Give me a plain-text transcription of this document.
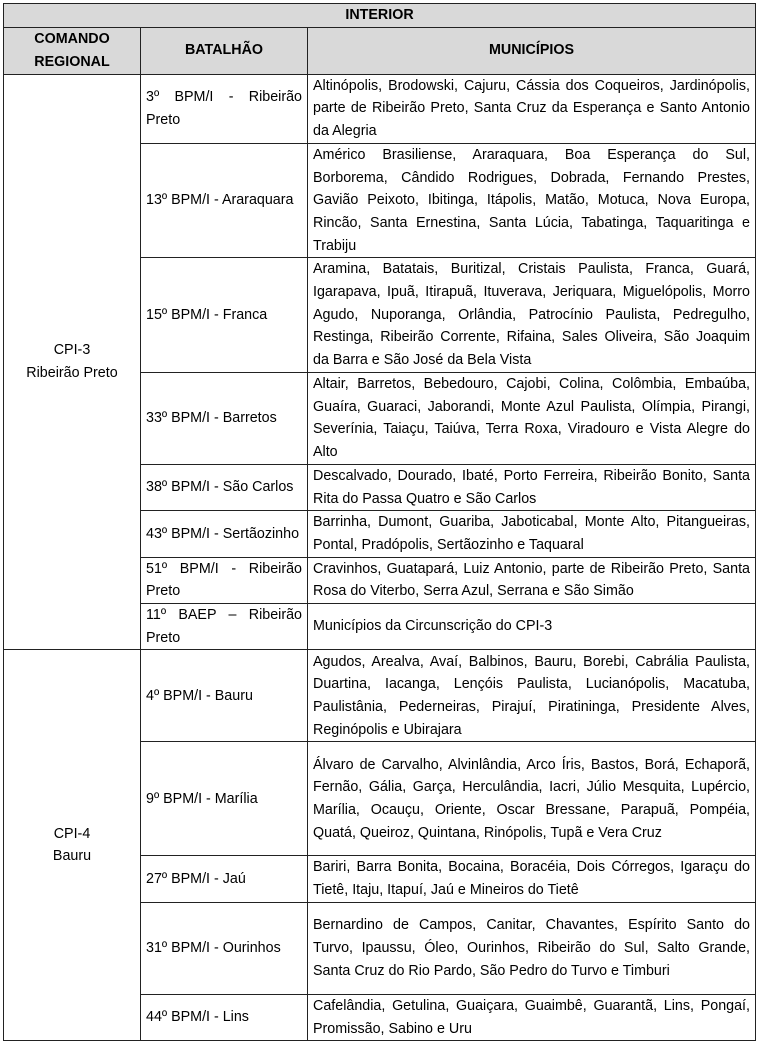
INTERIOR		
COMANDO REGIONAL	BATALHÃO	MUNICÍPIOS

CPI-3
Ribeirão Preto	3º BPM/I - Ribeirão Preto	Altinópolis, Brodowski, Cajuru, Cássia dos Coqueiros, Jardinópolis, parte de Ribeirão Preto, Santa Cruz da Esperança e Santo Antonio da Alegria
	13º BPM/I - Araraquara	Américo Brasiliense, Araraquara, Boa Esperança do Sul, Borborema, Cândido Rodrigues, Dobrada, Fernando Prestes, Gavião Peixoto, Ibitinga, Itápolis, Matão, Motuca, Nova Europa, Rincão, Santa Ernestina, Santa Lúcia, Tabatinga, Taquaritinga e Trabiju
	15º BPM/I - Franca	Aramina, Batatais, Buritizal, Cristais Paulista, Franca, Guará, Igarapava, Ipuã, Itirapuã, Ituverava, Jeriquara, Miguelópolis, Morro Agudo, Nuporanga, Orlândia, Patrocínio Paulista, Pedregulho, Restinga, Ribeirão Corrente, Rifaina, Sales Oliveira, São Joaquim da Barra e São José da Bela Vista
	33º BPM/I - Barretos	Altair, Barretos, Bebedouro, Cajobi, Colina, Colômbia, Embaúba, Guaíra, Guaraci, Jaborandi, Monte Azul Paulista, Olímpia, Pirangi, Severínia, Taiaçu, Taiúva, Terra Roxa, Viradouro e Vista Alegre do Alto
	38º BPM/I - São Carlos	Descalvado, Dourado, Ibaté, Porto Ferreira, Ribeirão Bonito, Santa Rita do Passa Quatro e São Carlos
	43º BPM/I - Sertãozinho	Barrinha, Dumont, Guariba, Jaboticabal, Monte Alto, Pitangueiras, Pontal, Pradópolis, Sertãozinho e Taquaral
	51º BPM/I - Ribeirão Preto	Cravinhos, Guatapará, Luiz Antonio, parte de Ribeirão Preto, Santa Rosa do Viterbo, Serra Azul, Serrana e São Simão
	11º BAEP – Ribeirão Preto	Municípios da Circunscrição do CPI-3

CPI-4
Bauru	4º BPM/I - Bauru	Agudos, Arealva, Avaí, Balbinos, Bauru, Borebi, Cabrália Paulista, Duartina, Iacanga, Lençóis Paulista, Lucianópolis, Macatuba, Paulistânia, Pederneiras, Pirajuí, Piratininga, Presidente Alves, Reginópolis e Ubirajara
	9º BPM/I - Marília	Álvaro de Carvalho, Alvinlândia, Arco Íris, Bastos, Borá, Echaporã, Fernão, Gália, Garça, Herculândia, Iacri, Júlio Mesquita, Lupércio, Marília, Ocauçu, Oriente, Oscar Bressane, Parapuã, Pompéia, Quatá, Queiroz, Quintana, Rinópolis, Tupã e Vera Cruz
	27º BPM/I - Jaú	Bariri, Barra Bonita, Bocaina, Boracéia, Dois Córregos, Igaraçu do Tietê, Itaju, Itapuí, Jaú e Mineiros do Tietê
	31º BPM/I - Ourinhos	Bernardino de Campos, Canitar, Chavantes, Espírito Santo do Turvo, Ipaussu, Óleo, Ourinhos, Ribeirão do Sul, Salto Grande, Santa Cruz do Rio Pardo, São Pedro do Turvo e Timburi
	44º BPM/I - Lins	Cafelândia, Getulina, Guaiçara, Guaimbê, Guarantã, Lins, Pongaí, Promissão, Sabino e Uru
